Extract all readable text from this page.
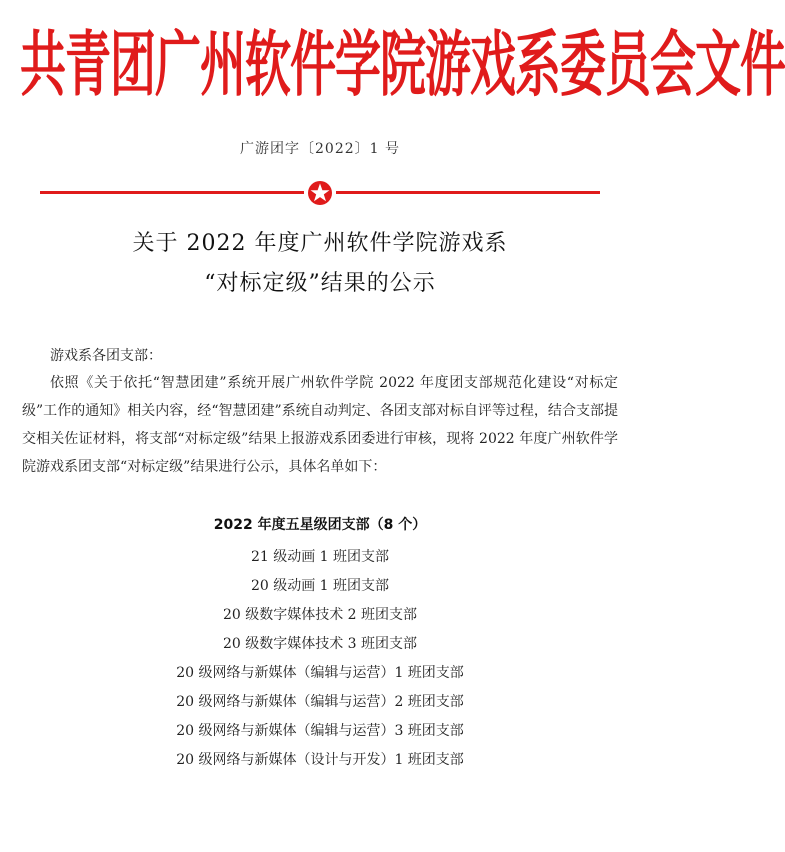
共青团广州软件学院游戏系委员会文件
广游团字〔2022〕1 号
关于 2022 年度广州软件学院游戏系
“对标定级”结果的公示
游戏系各团支部：
依照《关于依托“智慧团建”系统开展广州软件学院 2022 年度团支部规范化建设“对标定级”工作的通知》相关内容，经“智慧团建”系统自动判定、各团支部对标自评等过程，结合支部提交相关佐证材料，将支部“对标定级”结果上报游戏系团委进行审核，现将 2022 年度广州软件学院游戏系团支部“对标定级”结果进行公示，具体名单如下：
2022 年度五星级团支部（8 个）
21 级动画 1 班团支部
20 级动画 1 班团支部
20 级数字媒体技术 2 班团支部
20 级数字媒体技术 3 班团支部
20 级网络与新媒体（编辑与运营）1 班团支部
20 级网络与新媒体（编辑与运营）2 班团支部
20 级网络与新媒体（编辑与运营）3 班团支部
20 级网络与新媒体（设计与开发）1 班团支部
